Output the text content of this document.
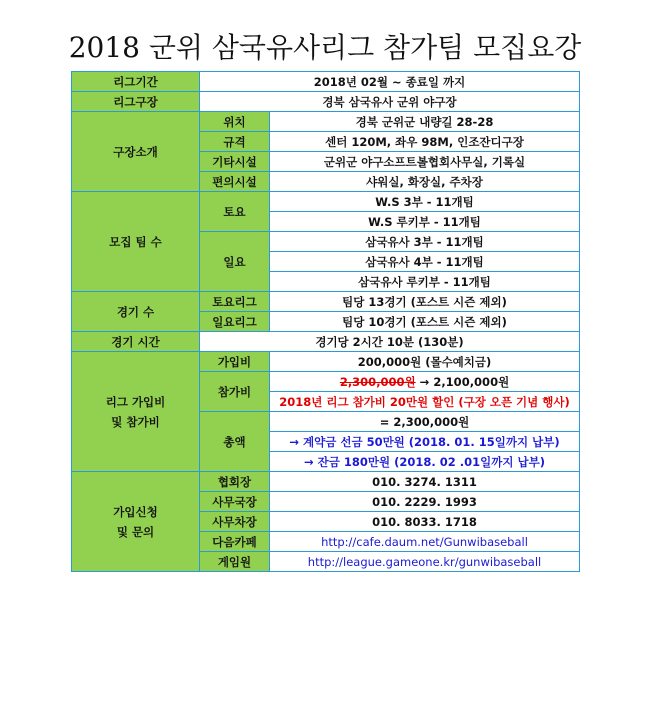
2018 군위 삼국유사리그 참가팀 모집요강
리그기간	2018년 02월 ~ 종료일 까지	
리그구장	경북 삼국유사 군위 야구장	
구장소개	위치	경북 군위군 내량길 28-28
	규격	센터 120M, 좌우 98M, 인조잔디구장
	기타시설	군위군 야구소프트볼협회사무실, 기록실
	편의시설	샤워실, 화장실, 주차장
모집 팀 수	토요	W.S 3부 - 11개팀
		W.S 루키부 - 11개팀
	일요	삼국유사 3부 - 11개팀
		삼국유사 4부 - 11개팀
		삼국유사 루키부 - 11개팀
경기 수	토요리그	팀당 13경기 (포스트 시즌 제외)
	일요리그	팀당 10경기 (포스트 시즌 제외)
경기 시간	경기당 2시간 10분 (130분)	

리그 가입비
및 참가비	가입비	200,000원 (몰수예치금)
	참가비	2,300,000원 → 2,100,000원
		2018년 리그 참가비 20만원 할인 (구장 오픈 기념 행사)
	총액	= 2,300,000원
		→ 계약금 선금 50만원 (2018. 01. 15일까지 납부)
		→ 잔금 180만원 (2018. 02 .01일까지 납부)

가입신청
및 문의	협회장	010. 3274. 1311
	사무국장	010. 2229. 1993
	사무차장	010. 8033. 1718
	다음카페	http://cafe.daum.net/Gunwibaseball
	게임원	http://league.gameone.kr/gunwibaseball
